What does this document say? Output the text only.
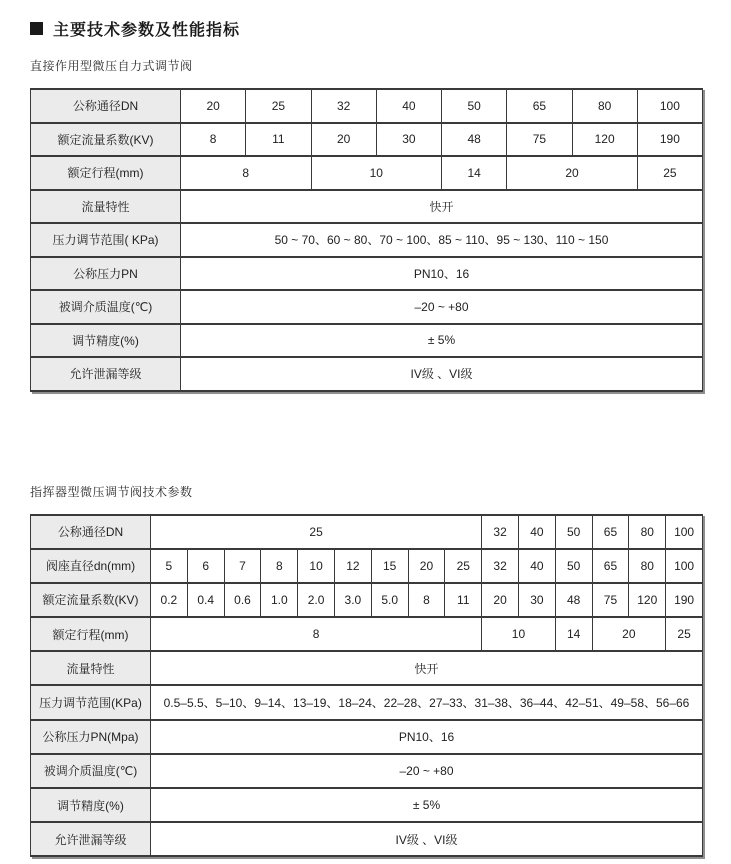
主要技术参数及性能指标
直接作用型微压自力式调节阀
公称通径DN	20	25	32	40	50	65	80	100
额定流量系数(KV)	8	11	20	30	48	75	120	190
额定行程(mm)	8		10		14	20		25
流量特性	快开							
压力调节范围( KPa)	50 ~ 70、60 ~ 80、70 ~ 100、85 ~ 110、95 ~ 130、110 ~ 150							
公称压力PN	PN10、16							
被调介质温度(℃)	–20 ~ +80							
调节精度(%)	± 5%							
允许泄漏等级	IV级 、VI级							
指挥器型微压调节阀技术参数
公称通径DN	25									32	40	50	65	80	100
阀座直径dn(mm)	5	6	7	8	10	12	15	20	25	32	40	50	65	80	100
额定流量系数(KV)	0.2	0.4	0.6	1.0	2.0	3.0	5.0	8	11	20	30	48	75	120	190
额定行程(mm)	8									10		14	20		25
流量特性	快开														
压力调节范围(KPa)	0.5–5.5、5–10、9–14、13–19、18–24、22–28、27–33、31–38、36–44、42–51、49–58、56–66														
公称压力PN(Mpa)	PN10、16														
被调介质温度(℃)	–20 ~ +80														
调节精度(%)	± 5%														
允许泄漏等级	IV级 、VI级														
